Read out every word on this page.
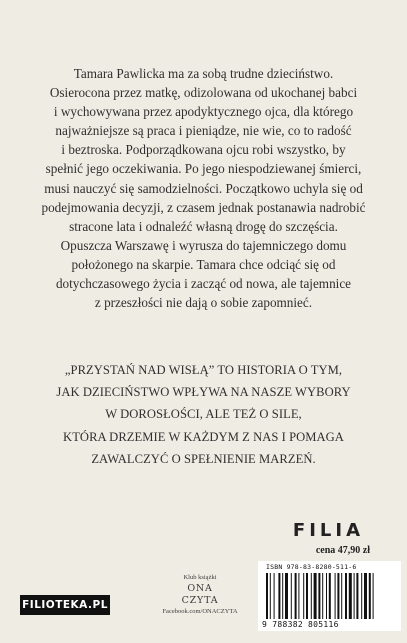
Tamara Pawlicka ma za sobą trudne dzieciństwo.

Osierocona przez matkę, odizolowana od ukochanej babci

i wychowywana przez apodyktycznego ojca, dla którego

najważniejsze są praca i pieniądze, nie wie, co to radość

i beztroska. Podporządkowana ojcu robi wszystko, by

spełnić jego oczekiwania. Po jego niespodziewanej śmierci,

musi nauczyć się samodzielności. Początkowo uchyla się od

podejmowania decyzji, z czasem jednak postanawia nadrobić

stracone lata i odnaleźć własną drogę do szczęścia.

Opuszcza Warszawę i wyrusza do tajemniczego domu

położonego na skarpie. Tamara chce odciąć się od

dotychczasowego życia i zacząć od nowa, ale tajemnice

z przeszłości nie dają o sobie zapomnieć.

„PRZYSTAŃ NAD WISŁĄ” TO HISTORIA O TYM,

JAK DZIECIŃSTWO WPŁYWA NA NASZE WYBORY

W DOROSŁOŚCI, ALE TEŻ O SILE,

KTÓRA DRZEMIE W KAŻDYM Z NAS I POMAGA

ZAWALCZYĆ O SPEŁNIENIE MARZEŃ.

FILIA
cena 47,90 zł
Klub książki
ONA
CZYTA
Facebook.com/ONACZYTA
FILIOTEKA.PL
ISBN 978-83-8280-511-6
9 788382 805116
